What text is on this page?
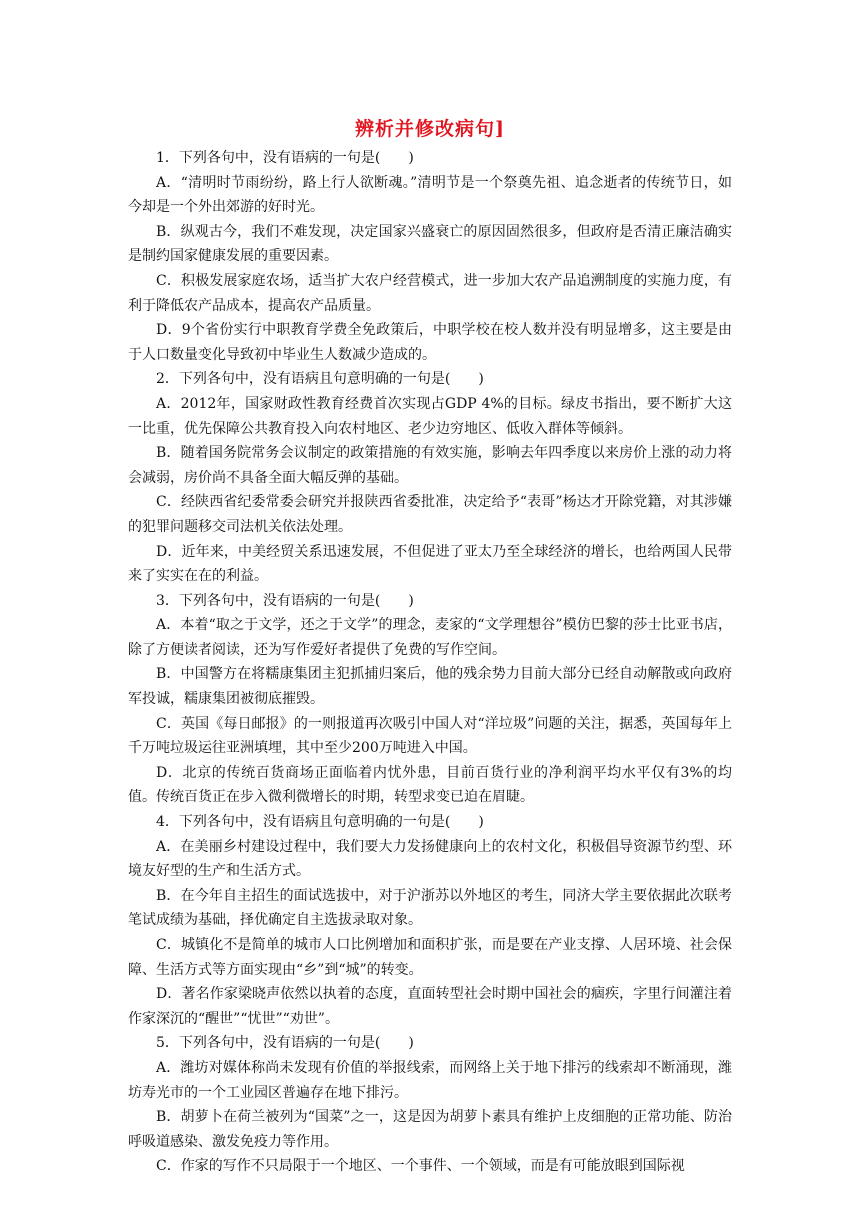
辨析并修改病句]

1．下列各句中，没有语病的一句是(　　)

A．“清明时节雨纷纷，路上行人欲断魂。”清明节是一个祭奠先祖、追念逝者的传统节日，如今却是一个外出郊游的好时光。

B．纵观古今，我们不难发现，决定国家兴盛衰亡的原因固然很多，但政府是否清正廉洁确实是制约国家健康发展的重要因素。

C．积极发展家庭农场，适当扩大农户经营模式，进一步加大农产品追溯制度的实施力度，有利于降低农产品成本，提高农产品质量。

D．9个省份实行中职教育学费全免政策后，中职学校在校人数并没有明显增多，这主要是由于人口数量变化导致初中毕业生人数减少造成的。

2．下列各句中，没有语病且句意明确的一句是(　　)

A．2012年，国家财政性教育经费首次实现占GDP 4%的目标。绿皮书指出，要不断扩大这一比重，优先保障公共教育投入向农村地区、老少边穷地区、低收入群体等倾斜。

B．随着国务院常务会议制定的政策措施的有效实施，影响去年四季度以来房价上涨的动力将会减弱，房价尚不具备全面大幅反弹的基础。

C．经陕西省纪委常委会研究并报陕西省委批准，决定给予“表哥”杨达才开除党籍，对其涉嫌的犯罪问题移交司法机关依法处理。

D．近年来，中美经贸关系迅速发展，不但促进了亚太乃至全球经济的增长，也给两国人民带来了实实在在的利益。

3．下列各句中，没有语病的一句是(　　)

A．本着“取之于文学，还之于文学”的理念，麦家的“文学理想谷”模仿巴黎的莎士比亚书店，除了方便读者阅读，还为写作爱好者提供了免费的写作空间。

B．中国警方在将糯康集团主犯抓捕归案后，他的残余势力目前大部分已经自动解散或向政府军投诚，糯康集团被彻底摧毁。

C．英国《每日邮报》的一则报道再次吸引中国人对“洋垃圾”问题的关注，据悉，英国每年上千万吨垃圾运往亚洲填埋，其中至少200万吨进入中国。

D．北京的传统百货商场正面临着内忧外患，目前百货行业的净利润平均水平仅有3%的均值。传统百货正在步入微利微增长的时期，转型求变已迫在眉睫。

4．下列各句中，没有语病且句意明确的一句是(　　)

A．在美丽乡村建设过程中，我们要大力发扬健康向上的农村文化，积极倡导资源节约型、环境友好型的生产和生活方式。

B．在今年自主招生的面试选拔中，对于沪浙苏以外地区的考生，同济大学主要依据此次联考笔试成绩为基础，择优确定自主选拔录取对象。

C．城镇化不是简单的城市人口比例增加和面积扩张，而是要在产业支撑、人居环境、社会保障、生活方式等方面实现由“乡”到“城”的转变。

D．著名作家梁晓声依然以执着的态度，直面转型社会时期中国社会的痼疾，字里行间灌注着作家深沉的“醒世”“忧世”“劝世”。

5．下列各句中，没有语病的一句是(　　)

A．潍坊对媒体称尚未发现有价值的举报线索，而网络上关于地下排污的线索却不断涌现，潍坊寿光市的一个工业园区普遍存在地下排污。

B．胡萝卜在荷兰被列为“国菜”之一，这是因为胡萝卜素具有维护上皮细胞的正常功能、防治呼吸道感染、激发免疫力等作用。

C．作家的写作不只局限于一个地区、一个事件、一个领域，而是有可能放眼到国际视
